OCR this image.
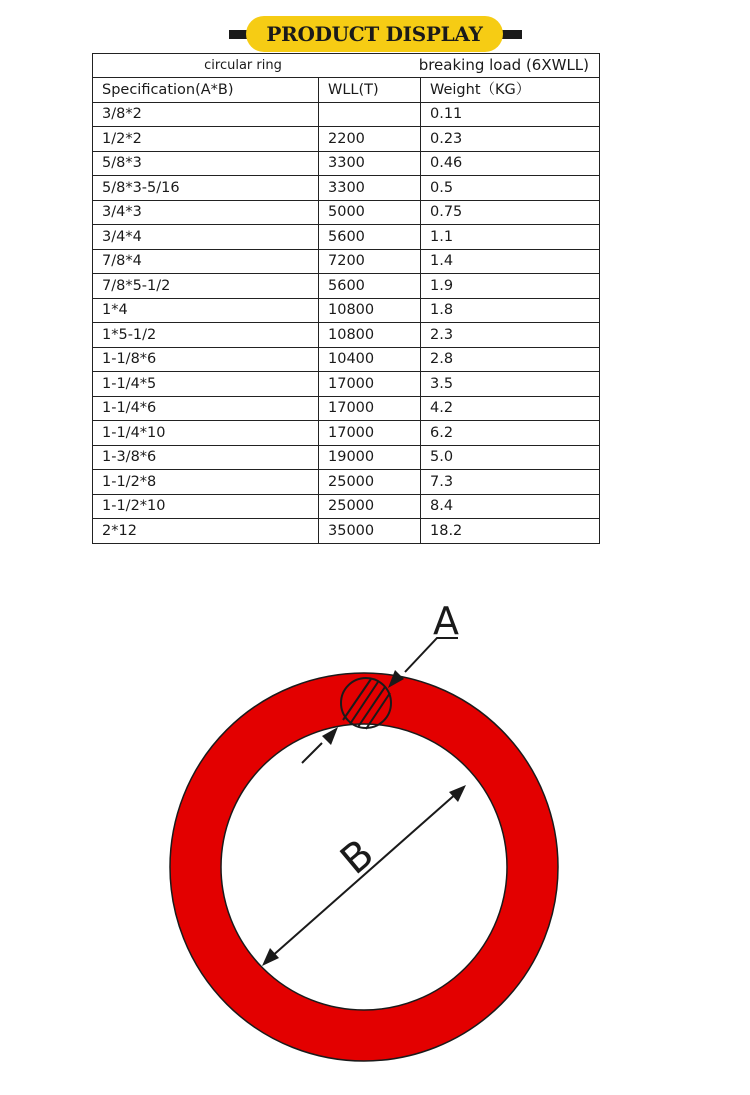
PRODUCT DISPLAY
circular ring breaking load (6XWLL)		

Specification(A*B)	WLL(T)	Weight（KG）
3/8*2		0.11
1/2*2	2200	0.23
5/8*3	3300	0.46
5/8*3-5/16	3300	0.5
3/4*3	5000	0.75
3/4*4	5600	1.1
7/8*4	7200	1.4
7/8*5-1/2	5600	1.9
1*4	10800	1.8
1*5-1/2	10800	2.3
1-1/8*6	10400	2.8
1-1/4*5	17000	3.5
1-1/4*6	17000	4.2
1-1/4*10	17000	6.2
1-3/8*6	19000	5.0
1-1/2*8	25000	7.3
1-1/2*10	25000	8.4
2*12	35000	18.2
A
B
